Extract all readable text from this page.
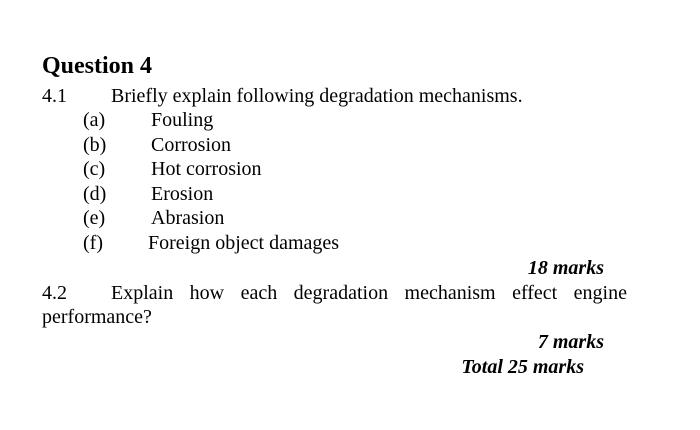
Question 4
4.1 Briefly explain following degradation mechanisms.
(a) Fouling
(b) Corrosion
(c) Hot corrosion
(d) Erosion
(e) Abrasion
(f) Foreign object damages
18 marks
4.2 Explain how each degradation mechanism effect engine
performance?
7 marks
Total 25 marks
